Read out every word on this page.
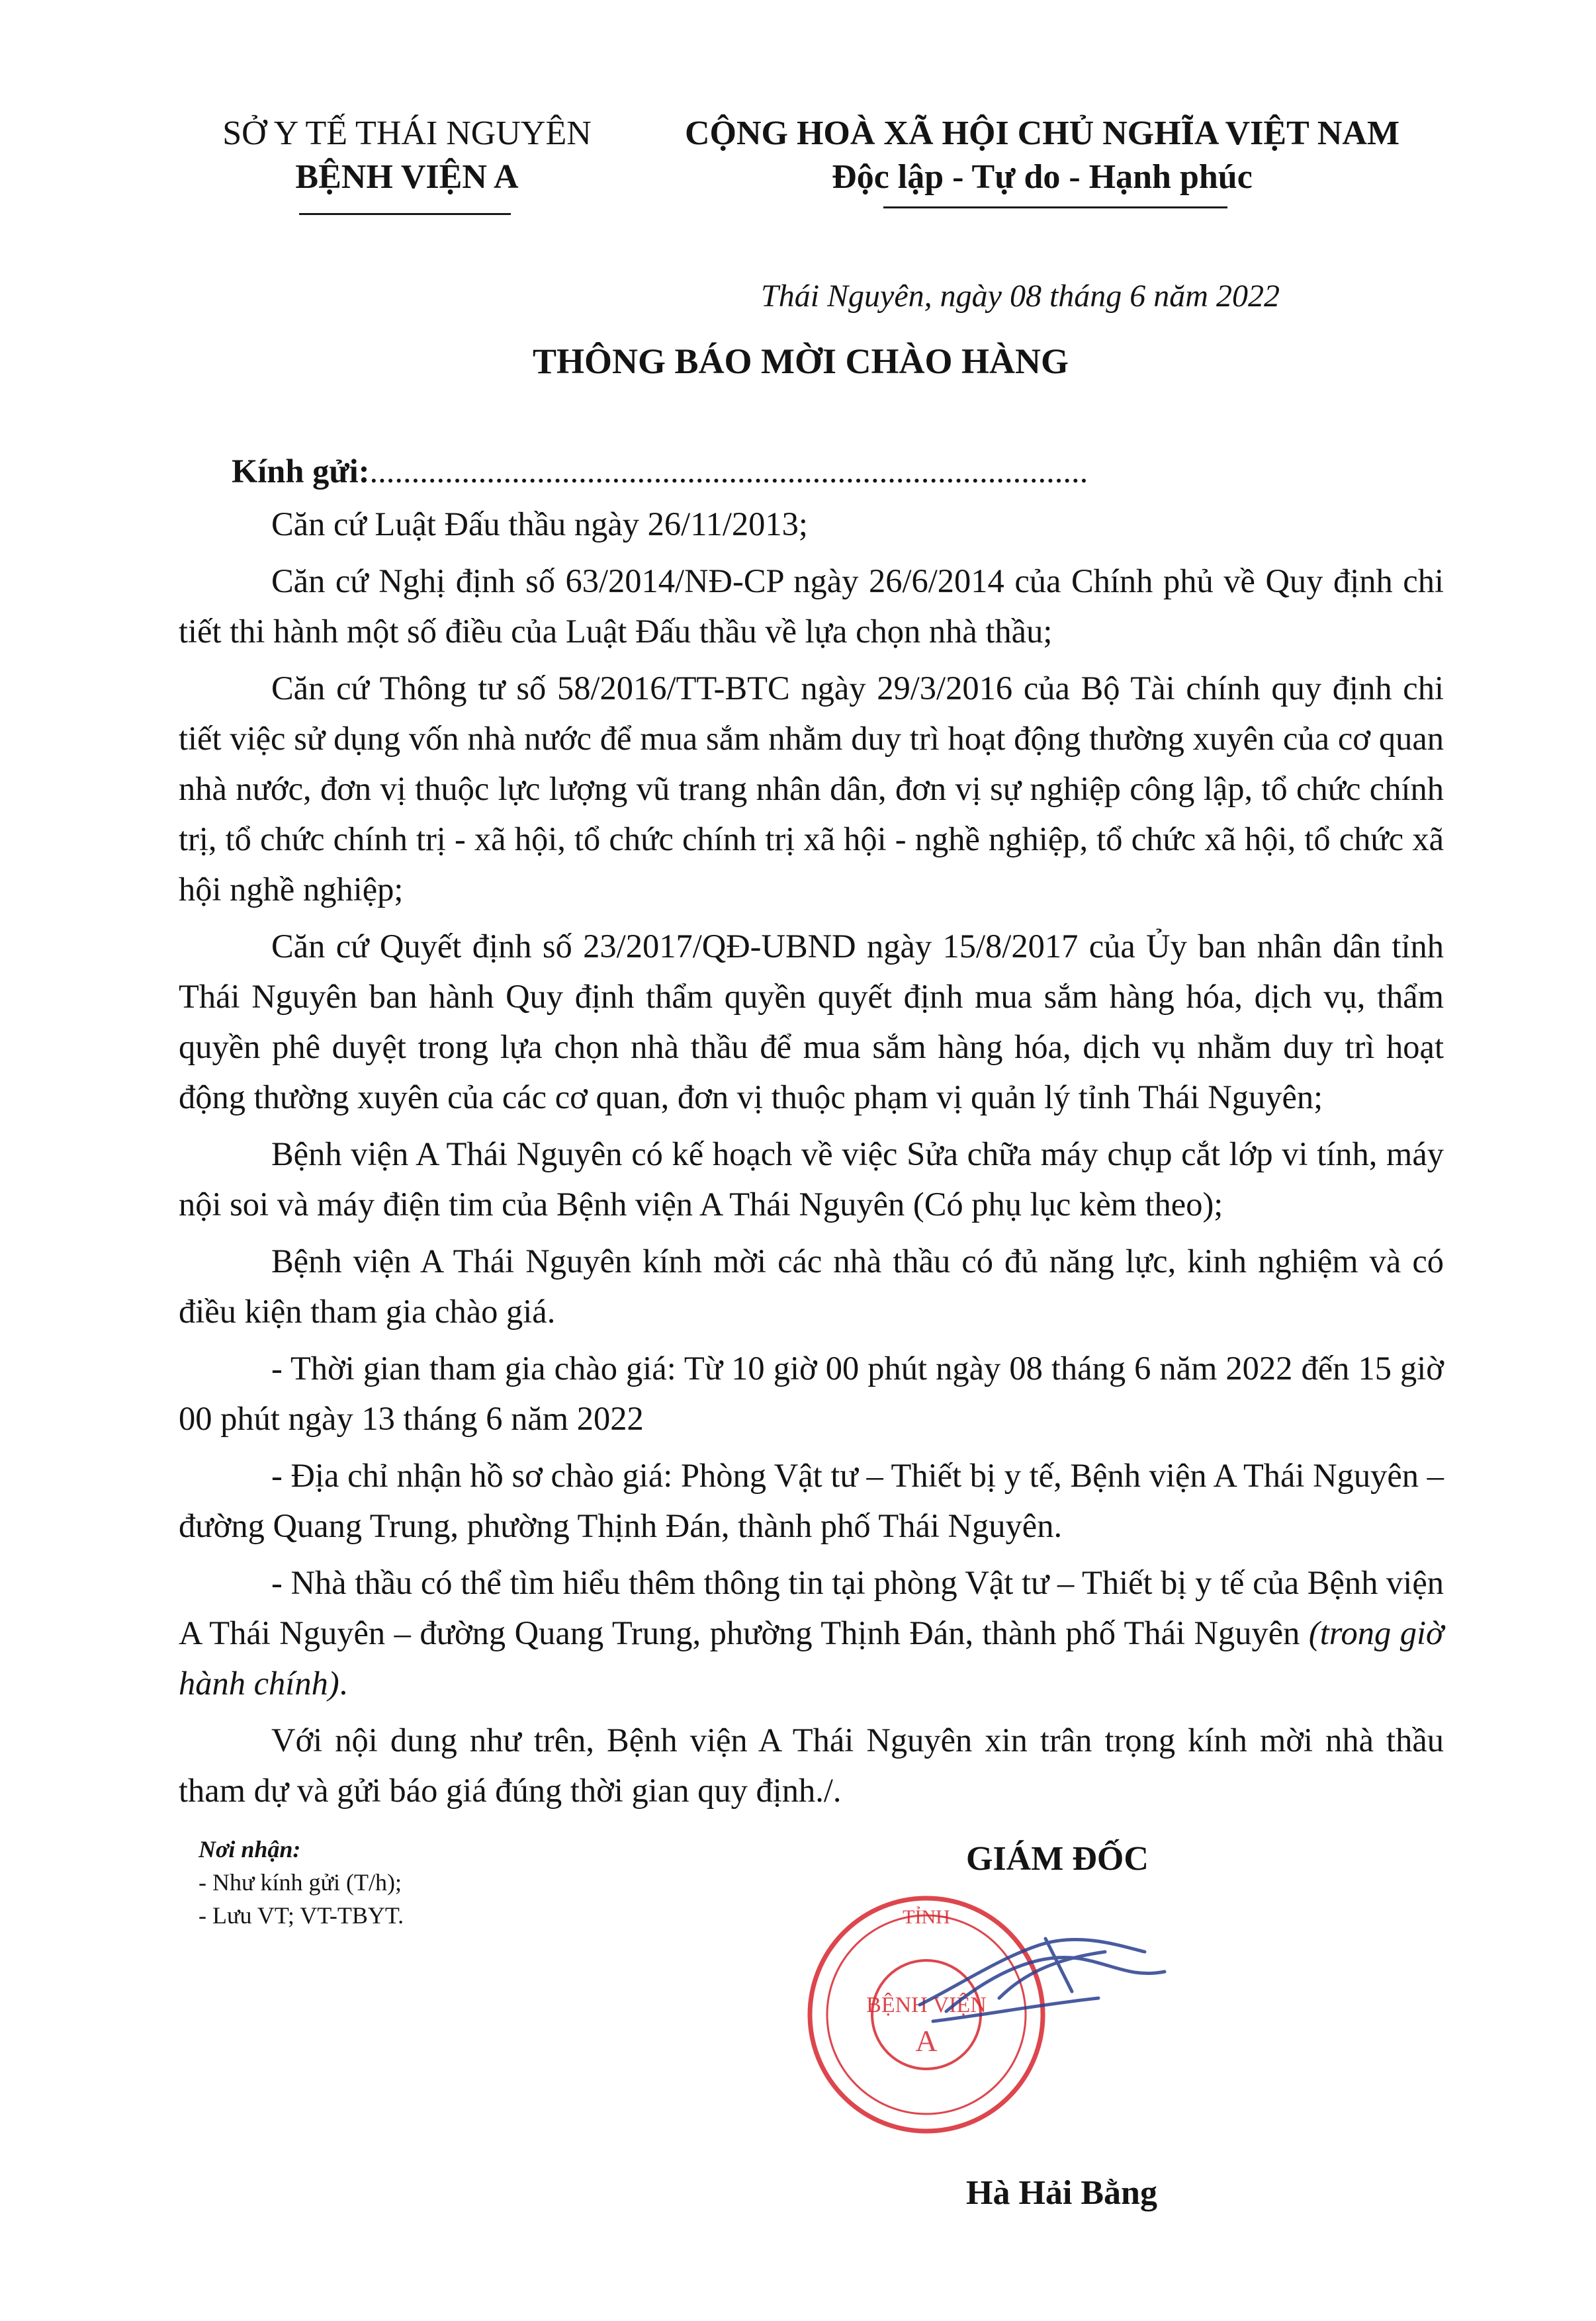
SỞ Y TẾ THÁI NGUYÊN
BỆNH VIỆN A
CỘNG HOÀ XÃ HỘI CHỦ NGHĨA VIỆT NAM
Độc lập - Tự do - Hạnh phúc
Thái Nguyên, ngày 08 tháng 6 năm 2022
THÔNG BÁO MỜI CHÀO HÀNG

Kính gửi:......................................................................................

Căn cứ Luật Đấu thầu ngày 26/11/2013;

Căn cứ Nghị định số 63/2014/NĐ-CP ngày 26/6/2014 của Chính phủ về Quy định chi tiết thi hành một số điều của Luật Đấu thầu về lựa chọn nhà thầu;

Căn cứ Thông tư số 58/2016/TT-BTC ngày 29/3/2016 của Bộ Tài chính quy định chi tiết việc sử dụng vốn nhà nước để mua sắm nhằm duy trì hoạt động thường xuyên của cơ quan nhà nước, đơn vị thuộc lực lượng vũ trang nhân dân, đơn vị sự nghiệp công lập, tổ chức chính trị, tổ chức chính trị - xã hội, tổ chức chính trị xã hội - nghề nghiệp, tổ chức xã hội, tổ chức xã hội nghề nghiệp;

Căn cứ Quyết định số 23/2017/QĐ-UBND ngày 15/8/2017 của Ủy ban nhân dân tỉnh Thái Nguyên ban hành Quy định thẩm quyền quyết định mua sắm hàng hóa, dịch vụ, thẩm quyền phê duyệt trong lựa chọn nhà thầu để mua sắm hàng hóa, dịch vụ nhằm duy trì hoạt động thường xuyên của các cơ quan, đơn vị thuộc phạm vị quản lý tỉnh Thái Nguyên;

Bệnh viện A Thái Nguyên có kế hoạch về việc Sửa chữa máy chụp cắt lớp vi tính, máy nội soi và máy điện tim của Bệnh viện A Thái Nguyên (Có phụ lục kèm theo);

Bệnh viện A Thái Nguyên kính mời các nhà thầu có đủ năng lực, kinh nghiệm và có điều kiện tham gia chào giá.

- Thời gian tham gia chào giá: Từ 10 giờ 00 phút ngày 08 tháng 6 năm 2022 đến 15 giờ 00 phút ngày 13 tháng 6 năm 2022

- Địa chỉ nhận hồ sơ chào giá: Phòng Vật tư – Thiết bị y tế, Bệnh viện A Thái Nguyên – đường Quang Trung, phường Thịnh Đán, thành phố Thái Nguyên.

- Nhà thầu có thể tìm hiểu thêm thông tin tại phòng Vật tư – Thiết bị y tế của Bệnh viện A Thái Nguyên – đường Quang Trung, phường Thịnh Đán, thành phố Thái Nguyên (trong giờ hành chính).

Với nội dung như trên, Bệnh viện A Thái Nguyên xin trân trọng kính mời nhà thầu tham dự và gửi báo giá đúng thời gian quy định./.

Nơi nhận:
- Như kính gửi (T/h);
- Lưu VT; VT-TBYT.
GIÁM ĐỐC
TỈNH
BỆNH VIỆN
A
Hà Hải Bằng
